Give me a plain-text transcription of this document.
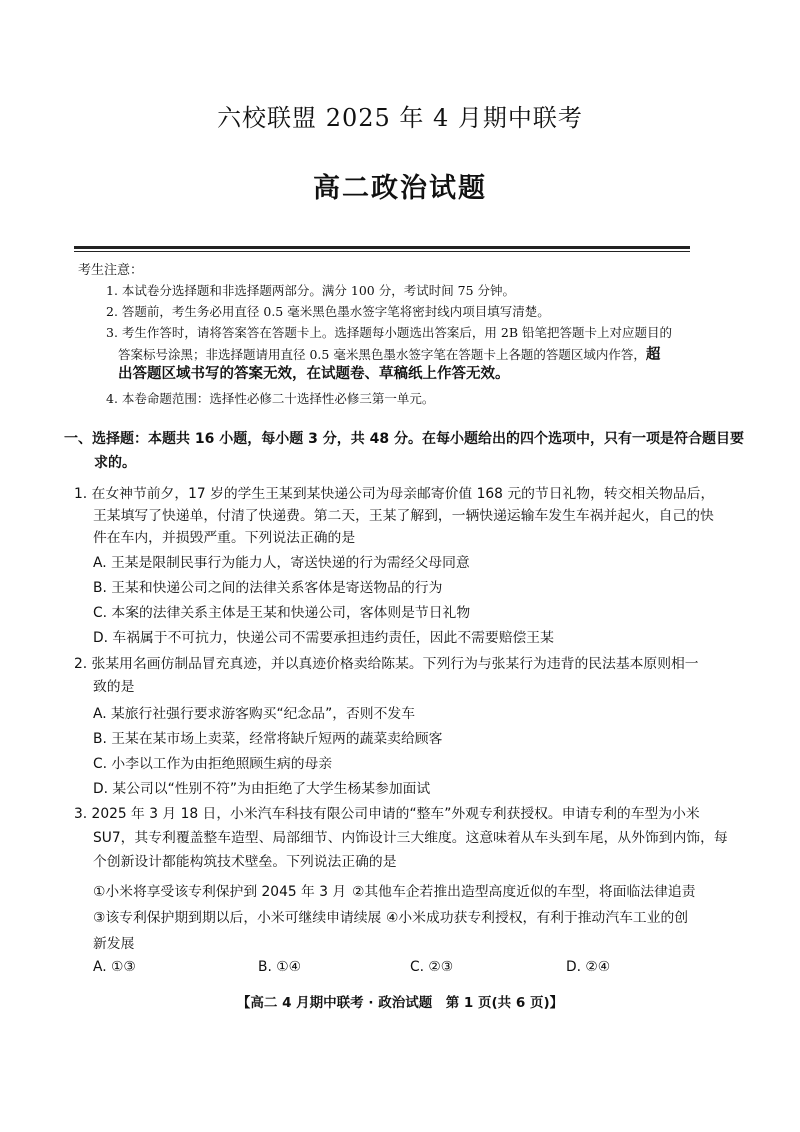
六校联盟 2025 年 4 月期中联考
高二政治试题
考生注意：
1. 本试卷分选择题和非选择题两部分。满分 100 分，考试时间 75 分钟。
2. 答题前，考生务必用直径 0.5 毫米黑色墨水签字笔将密封线内项目填写清楚。
3. 考生作答时，请将答案答在答题卡上。选择题每小题选出答案后，用 2B 铅笔把答题卡上对应题目的
答案标号涂黑；非选择题请用直径 0.5 毫米黑色墨水签字笔在答题卡上各题的答题区域内作答，超
出答题区域书写的答案无效，在试题卷、草稿纸上作答无效。
4. 本卷命题范围：选择性必修二十选择性必修三第一单元。
一、选择题：本题共 16 小题，每小题 3 分，共 48 分。在每小题给出的四个选项中，只有一项是符合题目要
求的。
1. 在女神节前夕，17 岁的学生王某到某快递公司为母亲邮寄价值 168 元的节日礼物，转交相关物品后，
王某填写了快递单，付清了快递费。第二天，王某了解到，一辆快递运输车发生车祸并起火，自己的快
件在车内，并损毁严重。下列说法正确的是
A. 王某是限制民事行为能力人，寄送快递的行为需经父母同意
B. 王某和快递公司之间的法律关系客体是寄送物品的行为
C. 本案的法律关系主体是王某和快递公司，客体则是节日礼物
D. 车祸属于不可抗力，快递公司不需要承担违约责任，因此不需要赔偿王某
2. 张某用名画仿制品冒充真迹，并以真迹价格卖给陈某。下列行为与张某行为违背的民法基本原则相一
致的是
A. 某旅行社强行要求游客购买“纪念品”，否则不发车
B. 王某在某市场上卖菜，经常将缺斤短两的蔬菜卖给顾客
C. 小李以工作为由拒绝照顾生病的母亲
D. 某公司以“性别不符”为由拒绝了大学生杨某参加面试
3. 2025 年 3 月 18 日，小米汽车科技有限公司申请的“整车”外观专利获授权。申请专利的车型为小米
SU7，其专利覆盖整车造型、局部细节、内饰设计三大维度。这意味着从车头到车尾，从外饰到内饰，每
个创新设计都能构筑技术壁垒。下列说法正确的是
①小米将享受该专利保护到 2045 年 3 月 ②其他车企若推出造型高度近似的车型，将面临法律追责
③该专利保护期到期以后，小米可继续申请续展 ④小米成功获专利授权，有利于推动汽车工业的创
新发展
A. ①③	B. ①④	C. ②③	D. ②④
【高二 4 月期中联考 · 政治试题　第 1 页(共 6 页)】
